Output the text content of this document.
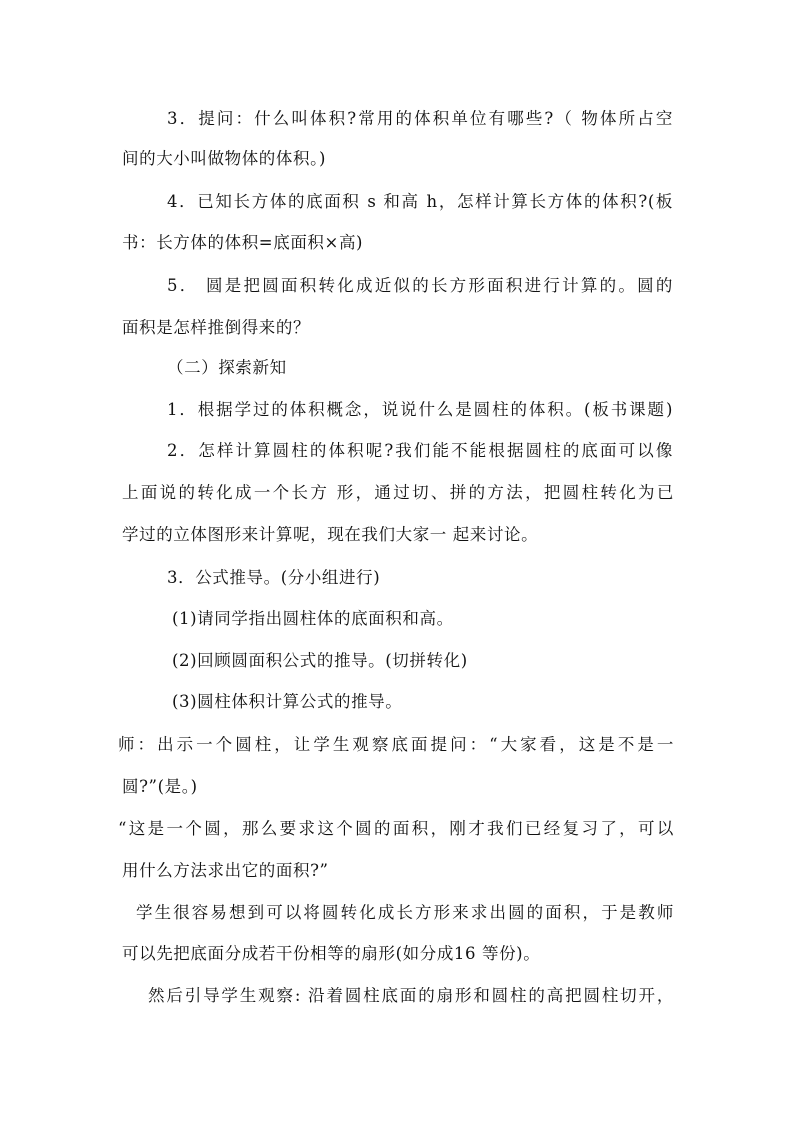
3．提问：什么叫体积?常用的体积单位有哪些?（ 物体所占空
间的大小叫做物体的体积。)
4．已知长方体的底面积 s 和高 h，怎样计算长方体的体积?(板
书：长方体的体积=底面积×高)
5． 圆是把圆面积转化成近似的长方形面积进行计算的。圆的
面积是怎样推倒得来的？
（二）探索新知
1．根据学过的体积概念，说说什么是圆柱的体积。(板书课题)
2．怎样计算圆柱的体积呢?我们能不能根据圆柱的底面可以像
上面说的转化成一个长方 形，通过切、拼的方法，把圆柱转化为已
学过的立体图形来计算呢，现在我们大家一 起来讨论。
3．公式推导。(分小组进行)
(1)请同学指出圆柱体的底面积和高。
(2)回顾圆面积公式的推导。(切拼转化)
(3)圆柱体积计算公式的推导。
师：出示一个圆柱，让学生观察底面提问：“大家看，这是不是一
圆?”(是。)
“这是一个圆，那么要求这个圆的面积，刚才我们已经复习了，可以
用什么方法求出它的面积?”
学生很容易想到可以将圆转化成长方形来求出圆的面积，于是教师
可以先把底面分成若干份相等的扇形(如分成16 等份)。
然后引导学生观察: 沿着圆柱底面的扇形和圆柱的高把圆柱切开，
